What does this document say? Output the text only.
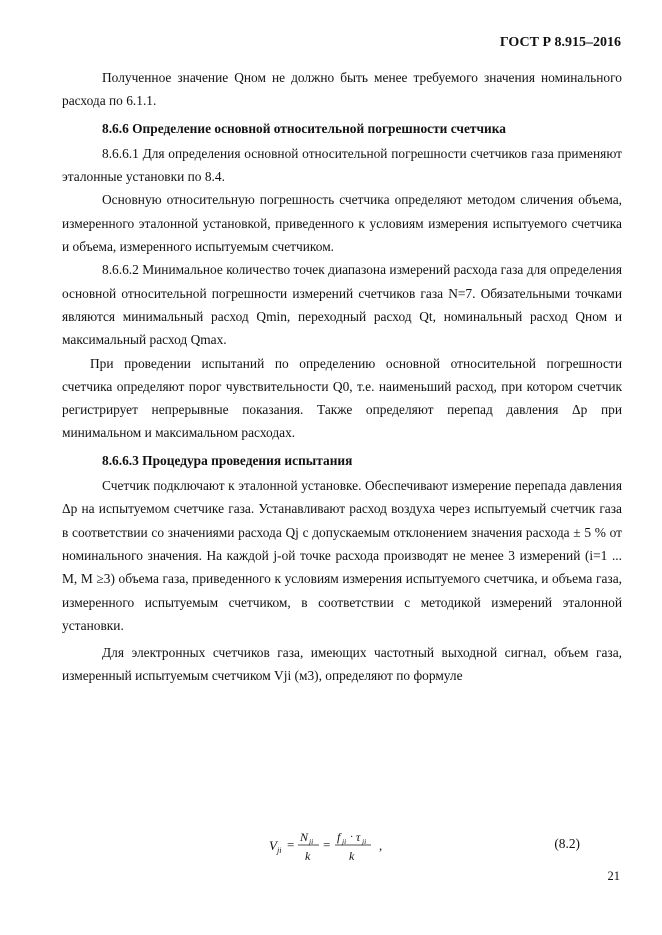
ГОСТ Р 8.915–2016

Полученное значение Qном не должно быть менее требуемого значения номинального расхода по 6.1.1.

8.6.6 Определение основной относительной погрешности счетчика

8.6.6.1 Для определения основной относительной погрешности счетчиков газа применяют эталонные установки по 8.4.

Основную относительную погрешность счетчика определяют методом сличения объема, измеренного эталонной установкой, приведенного к условиям измерения испытуемого счетчика и объема, измеренного испытуемым счетчиком.

8.6.6.2 Минимальное количество точек диапазона измерений расхода газа для определения основной относительной погрешности измерений счетчиков газа N=7. Обязательными точками являются минимальный расход Qmin, переходный расход Qt, номинальный расход Qном и максимальный расход Qmax.

При проведении испытаний по определению основной относительной погрешности счетчика определяют порог чувствительности Q0, т.е. наименьший расход, при котором счетчик регистрирует непрерывные показания. Также определяют перепад давления Δp при минимальном и максимальном расходах.

8.6.6.3 Процедура проведения испытания

Счетчик подключают к эталонной установке. Обеспечивают измерение перепада давления Δp на испытуемом счетчике газа. Устанавливают расход воздуха через испытуемый счетчик газа в соответствии со значениями расхода Qj с допускаемым отклонением значения расхода ± 5 % от номинального значения. На каждой j-ой точке расхода производят не менее 3 измерений (i=1 ... M, M ≥3) объема газа, приведенного к условиям измерения испытуемого счетчика, и объема газа, измеренного испытуемым счетчиком, в соответствии с методикой измерений эталонной установки.

Для электронных счетчиков газа, имеющих частотный выходной сигнал, объем газа, измеренный испытуемым счетчиком Vji (м3), определяют по формуле

V ji = N ji
k
= f ji · τ ji
k
,	(8.2)
21
